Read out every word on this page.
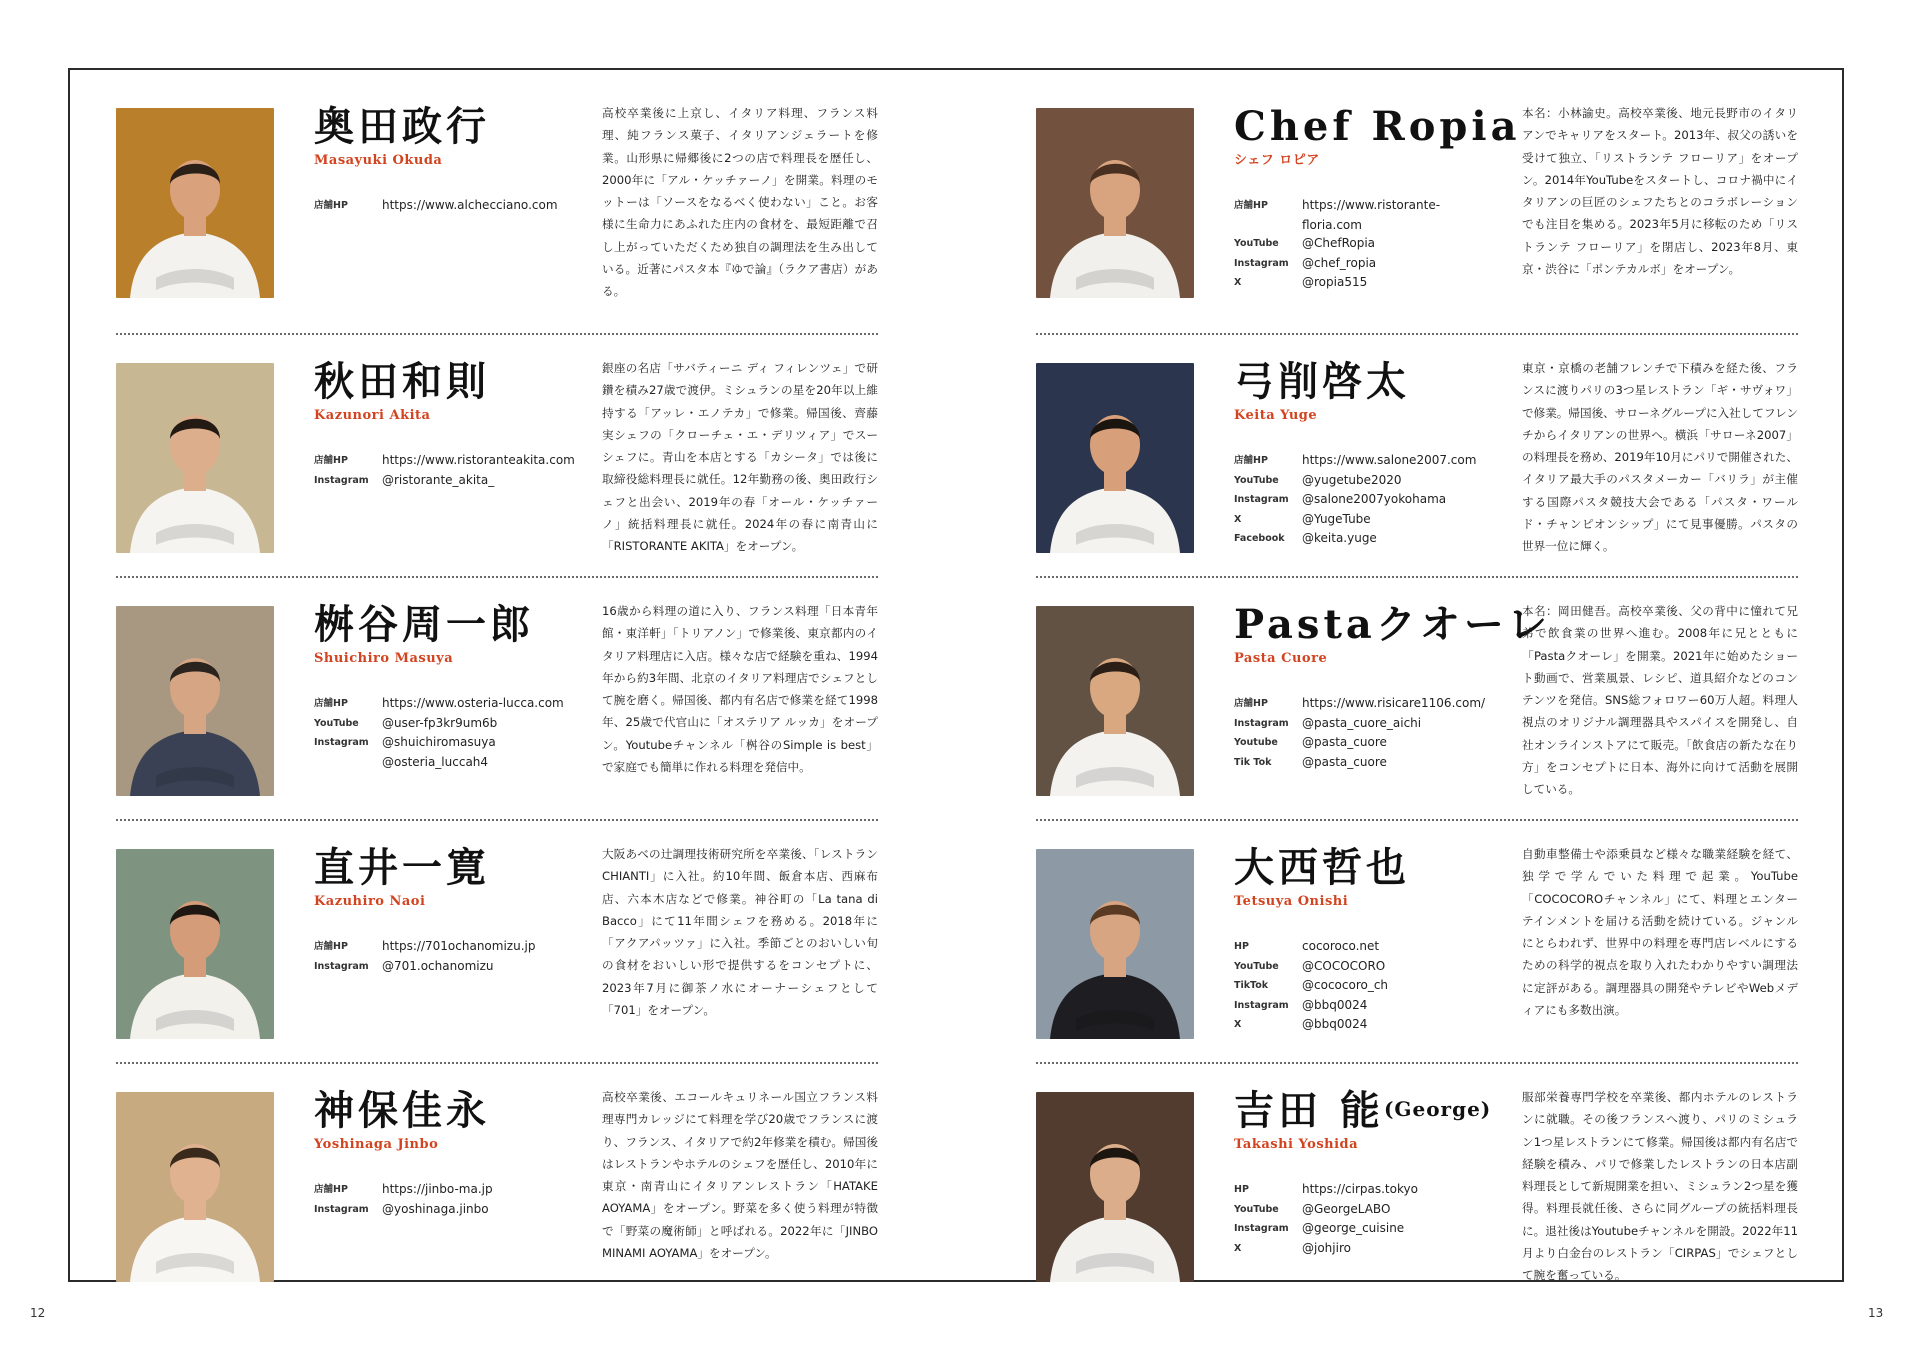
奥田政行
Masayuki Okuda
店舗HP	https://www.alchecciano.com
高校卒業後に上京し、イタリア料理、フランス料理、純フランス菓子、イタリアンジェラートを修業。山形県に帰郷後に2つの店で料理長を歴任し、2000年に「アル・ケッチァーノ」を開業。料理のモットーは「ソースをなるべく使わない」こと。お客様に生命力にあふれた庄内の食材を、最短距離で召し上がっていただくため独自の調理法を生み出している。近著にパスタ本『ゆで論』（ラクア書店）がある。
秋田和則
Kazunori Akita
店舗HP	https://www.ristoranteakita.com
Instagram	@ristorante_akita_
銀座の名店「サバティーニ ディ フィレンツェ」で研鑽を積み27歳で渡伊。ミシュランの星を20年以上維持する「アッレ・エノテカ」で修業。帰国後、齊藤実シェフの「クローチェ・エ・デリツィア」でスーシェフに。青山を本店とする「カシータ」では後に取締役総料理長に就任。12年勤務の後、奥田政行シェフと出会い、2019年の春「オール・ケッチァーノ」統括料理長に就任。2024年の春に南青山に「RISTORANTE AKITA」をオープン。
桝谷周一郎
Shuichiro Masuya
店舗HP	https://www.osteria-lucca.com
YouTube	@user-fp3kr9um6b
Instagram	@shuichiromasuya
@osteria_luccah4
16歳から料理の道に入り、フランス料理「日本青年館・東洋軒」「トリアノン」で修業後、東京都内のイタリア料理店に入店。様々な店で経験を重ね、1994年から約3年間、北京のイタリア料理店でシェフとして腕を磨く。帰国後、都内有名店で修業を経て1998年、25歳で代官山に「オステリア ルッカ」をオープン。Youtubeチャンネル「桝谷のSimple is best」で家庭でも簡単に作れる料理を発信中。
直井一寛
Kazuhiro Naoi
店舗HP	https://701ochanomizu.jp
Instagram	@701.ochanomizu
大阪あべの辻調理技術研究所を卒業後、「レストランCHIANTI」に入社。約10年間、飯倉本店、西麻布店、六本木店などで修業。神谷町の「La tana di Bacco」にて11年間シェフを務める。2018年に「アクアパッツァ」に入社。季節ごとのおいしい旬の食材をおいしい形で提供するをコンセプトに、2023年7月に御茶ノ水にオーナーシェフとして「701」をオープン。
神保佳永
Yoshinaga Jinbo
店舗HP	https://jinbo-ma.jp
Instagram	@yoshinaga.jinbo
高校卒業後、エコールキュリネール国立フランス料理専門カレッジにて料理を学び20歳でフランスに渡り、フランス、イタリアで約2年修業を積む。帰国後はレストランやホテルのシェフを歴任し、2010年に東京・南青山にイタリアンレストラン「HATAKE AOYAMA」をオープン。野菜を多く使う料理が特徴で「野菜の魔術師」と呼ばれる。2022年に「JINBO MINAMI AOYAMA」をオープン。
Chef Ropia
シェフ ロピア
店舗HP	https://www.ristorante-
floria.com
YouTube	@ChefRopia
Instagram	@chef_ropia
X	@ropia515
本名：小林諭史。高校卒業後、地元長野市のイタリアンでキャリアをスタート。2013年、叔父の誘いを受けて独立、「リストランテ フローリア」をオープン。2014年YouTubeをスタートし、コロナ禍中にイタリアンの巨匠のシェフたちとのコラボレーションでも注目を集める。2023年5月に移転のため「リストランテ フローリア」を閉店し、2023年8月、東京・渋谷に「ポンテカルボ」をオープン。
弓削啓太
Keita Yuge
店舗HP	https://www.salone2007.com
YouTube	@yugetube2020
Instagram	@salone2007yokohama
X	@YugeTube
Facebook	@keita.yuge
東京・京橋の老舗フレンチで下積みを経た後、フランスに渡りパリの3つ星レストラン「ギ・サヴォワ」で修業。帰国後、サローネグループに入社してフレンチからイタリアンの世界へ。横浜「サローネ2007」の料理長を務め、2019年10月にパリで開催された、イタリア最大手のパスタメーカー「バリラ」が主催する国際パスタ競技大会である「パスタ・ワールド・チャンピオンシップ」にて見事優勝。パスタの世界一位に輝く。
Pastaクオーレ
Pasta Cuore
店舗HP	https://www.risicare1106.com/
Instagram	@pasta_cuore_aichi
Youtube	@pasta_cuore
Tik Tok	@pasta_cuore
本名：岡田健吾。高校卒業後、父の背中に憧れて兄弟で飲食業の世界へ進む。2008年に兄とともに「Pastaクオーレ」を開業。2021年に始めたショート動画で、営業風景、レシピ、道具紹介などのコンテンツを発信。SNS総フォロワー60万人超。料理人視点のオリジナル調理器具やスパイスを開発し、自社オンラインストアにて販売。「飲食店の新たな在り方」をコンセプトに日本、海外に向けて活動を展開している。
大西哲也
Tetsuya Onishi
HP	cocoroco.net
YouTube	@COCOCORO
TikTok	@cococoro_ch
Instagram	@bbq0024
X	@bbq0024
自動車整備士や添乗員など様々な職業経験を経て、独学で学んでいた料理で起業。YouTube「COCOCOROチャンネル」にて、料理とエンターテインメントを届ける活動を続けている。ジャンルにとらわれず、世界中の料理を専門店レベルにするための科学的視点を取り入れたわかりやすい調理法に定評がある。調理器具の開発やテレビやWebメディアにも多数出演。
吉田 能$^{(George)}$
Takashi Yoshida
HP	https://cirpas.tokyo
YouTube	@GeorgeLABO
Instagram	@george_cuisine
X	@johjiro
服部栄養専門学校を卒業後、都内ホテルのレストランに就職。その後フランスへ渡り、パリのミシュラン1つ星レストランにて修業。帰国後は都内有名店で経験を積み、パリで修業したレストランの日本店副料理長として新規開業を担い、ミシュラン2つ星を獲得。料理長就任後、さらに同グループの統括料理長に。退社後はYoutubeチャンネルを開設。2022年11月より白金台のレストラン「CIRPAS」でシェフとして腕を奮っている。
12	13
